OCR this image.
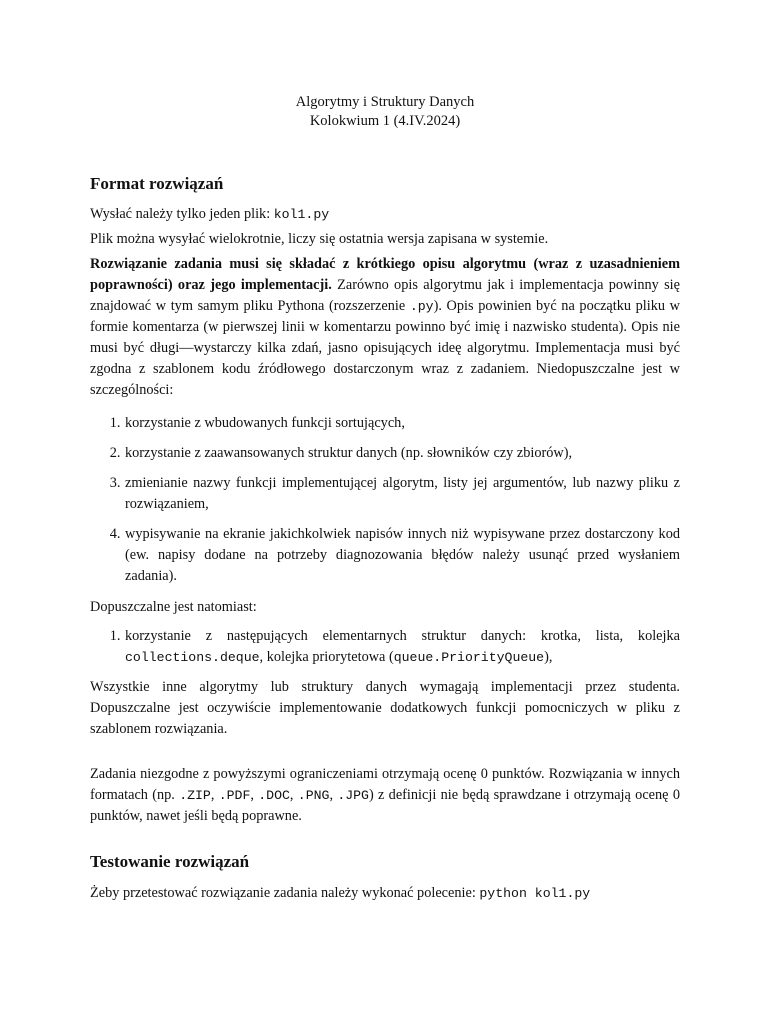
Algorytmy i Struktury Danych
Kolokwium 1 (4.IV.2024)
Format rozwiązań

Wysłać należy tylko jeden plik: kol1.py

Plik można wysyłać wielokrotnie, liczy się ostatnia wersja zapisana w systemie.

Rozwiązanie zadania musi się składać z krótkiego opisu algorytmu (wraz z uzasadnieniem poprawności) oraz jego implementacji. Zarówno opis algorytmu jak i implementacja powinny się znajdować w tym samym pliku Pythona (rozszerzenie .py). Opis powinien być na początku pliku w formie komentarza (w pierwszej linii w komentarzu powinno być imię i nazwisko studenta). Opis nie musi być długi—wystarczy kilka zdań, jasno opisujących ideę algorytmu. Implementacja musi być zgodna z szablonem kodu źródłowego dostarczonym wraz z zadaniem. Niedopuszczalne jest w szczególności:

1. korzystanie z wbudowanych funkcji sortujących,
2. korzystanie z zaawansowanych struktur danych (np. słowników czy zbiorów),
3. zmienianie nazwy funkcji implementującej algorytm, listy jej argumentów, lub nazwy pliku z rozwiązaniem,
4. wypisywanie na ekranie jakichkolwiek napisów innych niż wypisywane przez dostarczony kod (ew. napisy dodane na potrzeby diagnozowania błędów należy usunąć przed wysłaniem zadania).

Dopuszczalne jest natomiast:

1. korzystanie z następujących elementarnych struktur danych: krotka, lista, kolejka collections.deque, kolejka priorytetowa (queue.PriorityQueue),

Wszystkie inne algorytmy lub struktury danych wymagają implementacji przez studenta. Dopuszczalne jest oczywiście implementowanie dodatkowych funkcji pomocniczych w pliku z szablonem rozwiązania.

Zadania niezgodne z powyższymi ograniczeniami otrzymają ocenę 0 punktów. Rozwiązania w innych formatach (np. .ZIP, .PDF, .DOC, .PNG, .JPG) z definicji nie będą sprawdzane i otrzymają ocenę 0 punktów, nawet jeśli będą poprawne.

Testowanie rozwiązań

Żeby przetestować rozwiązanie zadania należy wykonać polecenie: python kol1.py
